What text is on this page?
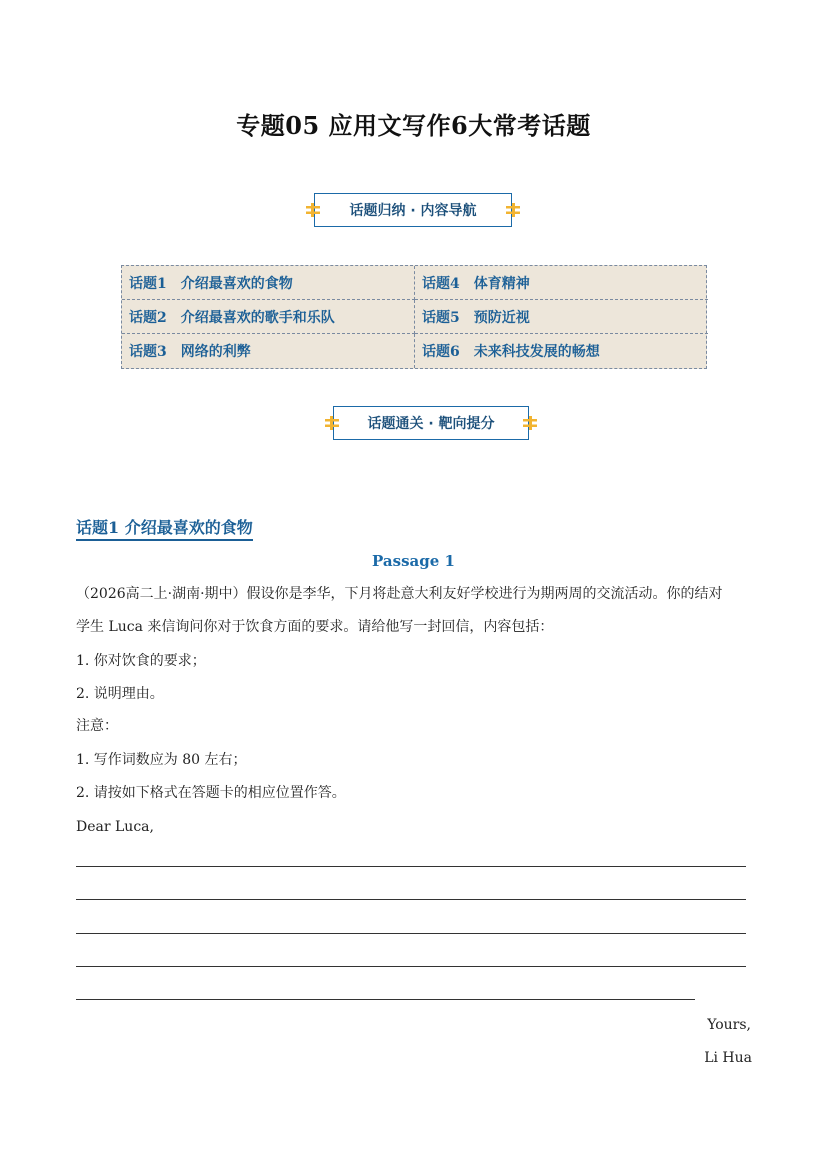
专题05 应用文写作6大常考话题
话题归纳 · 内容导航
话题1 介绍最喜欢的食物	话题4 体育精神
话题2 介绍最喜欢的歌手和乐队	话题5 预防近视
话题3 网络的利弊	话题6 未来科技发展的畅想
话题通关 · 靶向提分
话题1 介绍最喜欢的食物
Passage 1
（2026高二上·湖南·期中）假设你是李华，下月将赴意大利友好学校进行为期两周的交流活动。你的结对
学生 Luca 来信询问你对于饮食方面的要求。请给他写一封回信，内容包括：
1. 你对饮食的要求；
2. 说明理由。
注意：
1. 写作词数应为 80 左右；
2. 请按如下格式在答题卡的相应位置作答。
Dear Luca,
Yours,
Li Hua
